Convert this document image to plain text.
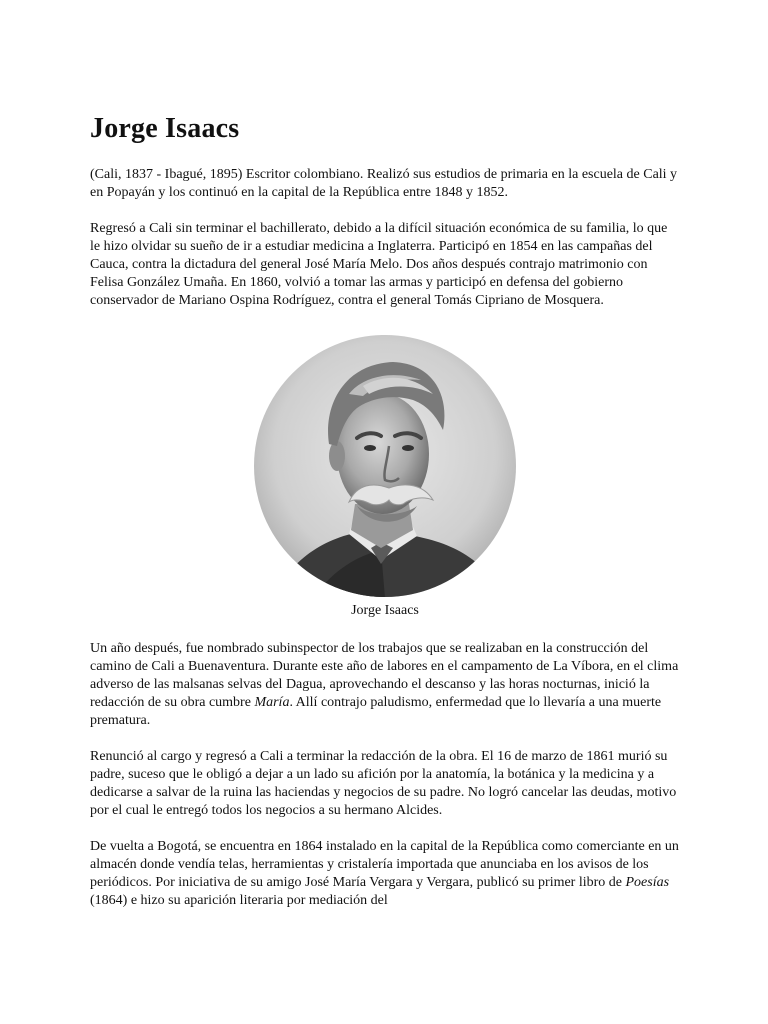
Jorge Isaacs

(Cali, 1837 - Ibagué, 1895) Escritor colombiano. Realizó sus estudios de primaria en la escuela de Cali y en Popayán y los continuó en la capital de la República entre 1848 y 1852.

Regresó a Cali sin terminar el bachillerato, debido a la difícil situación económica de su familia, lo que le hizo olvidar su sueño de ir a estudiar medicina a Inglaterra. Participó en 1854 en las campañas del Cauca, contra la dictadura del general José María Melo. Dos años después contrajo matrimonio con Felisa González Umaña. En 1860, volvió a tomar las armas y participó en defensa del gobierno conservador de Mariano Ospina Rodríguez, contra el general Tomás Cipriano de Mosquera.

Jorge Isaacs

Un año después, fue nombrado subinspector de los trabajos que se realizaban en la construcción del camino de Cali a Buenaventura. Durante este año de labores en el campamento de La Víbora, en el clima adverso de las malsanas selvas del Dagua, aprovechando el descanso y las horas nocturnas, inició la redacción de su obra cumbre María. Allí contrajo paludismo, enfermedad que lo llevaría a una muerte prematura.

Renunció al cargo y regresó a Cali a terminar la redacción de la obra. El 16 de marzo de 1861 murió su padre, suceso que le obligó a dejar a un lado su afición por la anatomía, la botánica y la medicina y a dedicarse a salvar de la ruina las haciendas y negocios de su padre. No logró cancelar las deudas, motivo por el cual le entregó todos los negocios a su hermano Alcides.

De vuelta a Bogotá, se encuentra en 1864 instalado en la capital de la República como comerciante en un almacén donde vendía telas, herramientas y cristalería importada que anunciaba en los avisos de los periódicos. Por iniciativa de su amigo José María Vergara y Vergara, publicó su primer libro de Poesías (1864) e hizo su aparición literaria por mediación del
